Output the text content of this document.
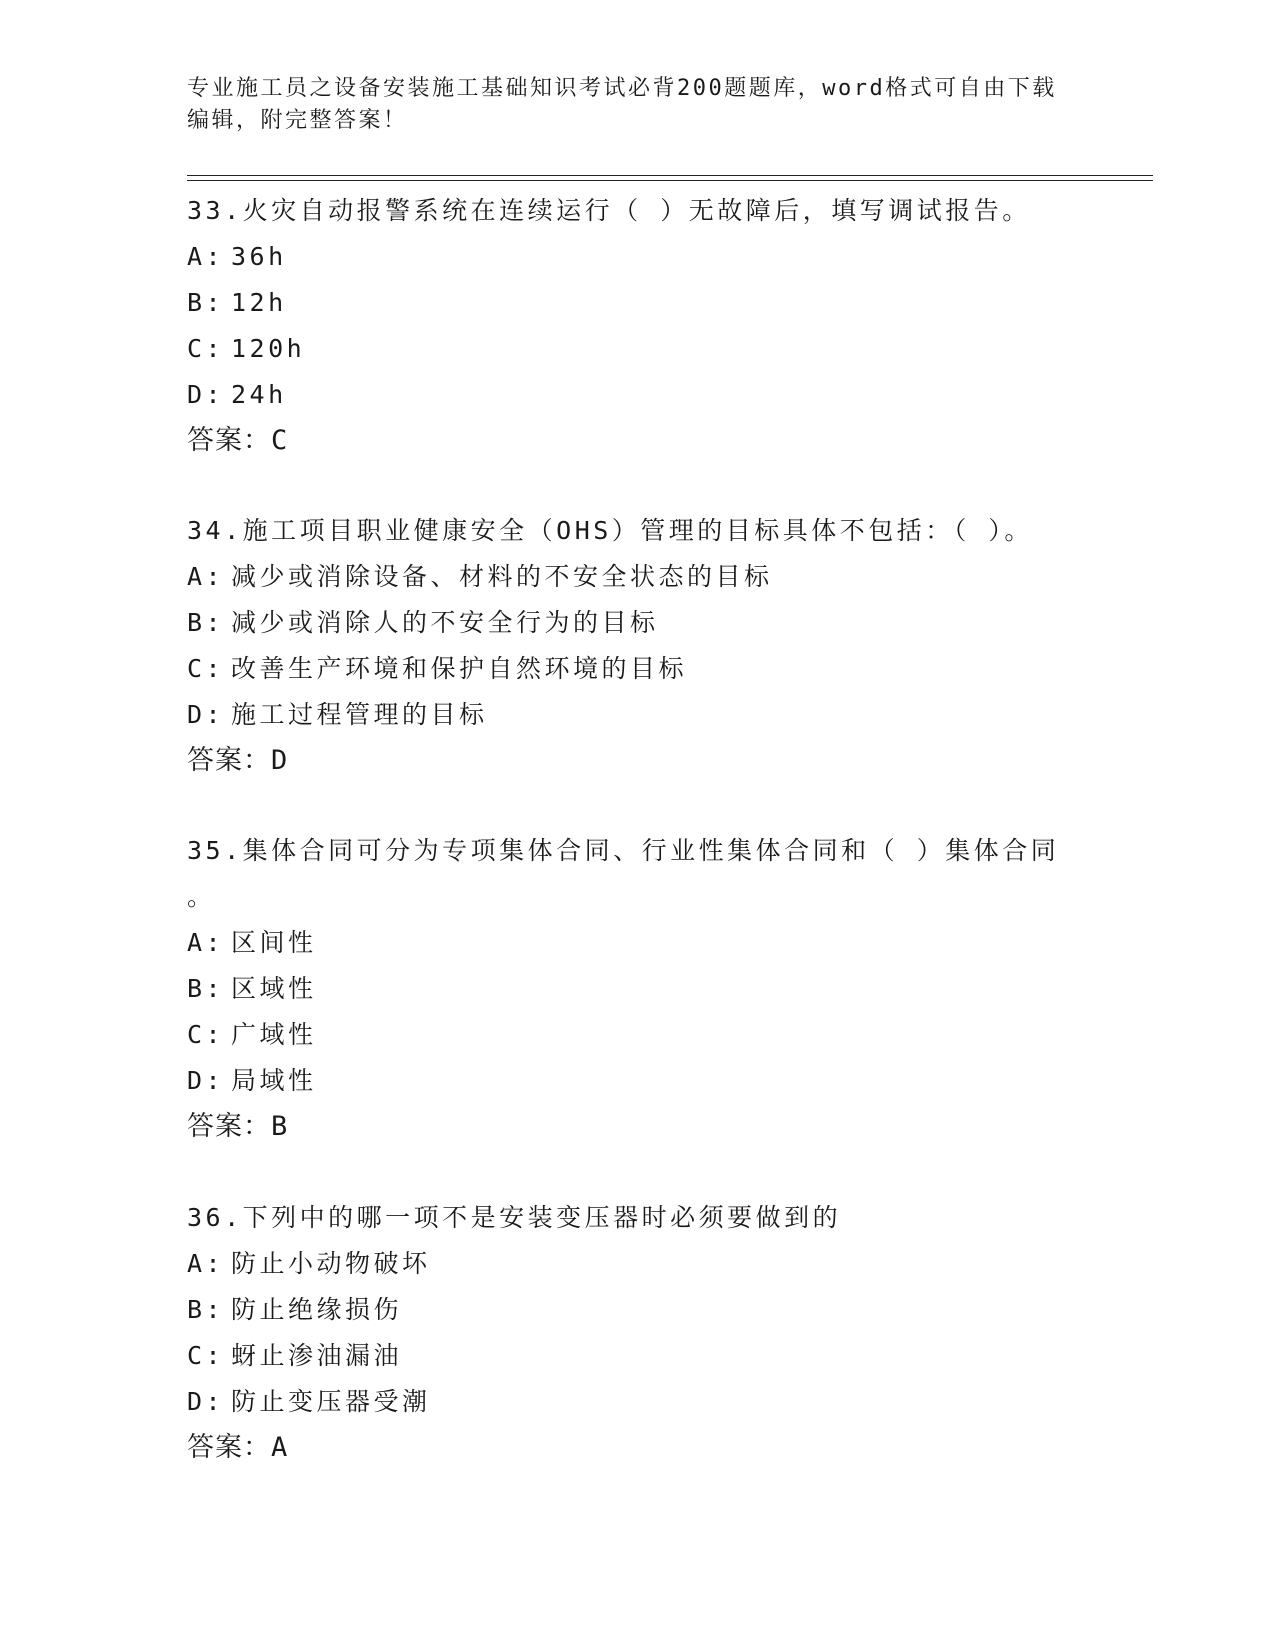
专业施工员之设备安装施工基础知识考试必背200题题库，word格式可自由下载
编辑，附完整答案！
33.火灾自动报警系统在连续运行（ ）无故障后，填写调试报告。
A: 36h
B: 12h
C: 120h
D: 24h
答案：C
34.施工项目职业健康安全（OHS）管理的目标具体不包括：（ ）。
A: 减少或消除设备、材料的不安全状态的目标
B: 减少或消除人的不安全行为的目标
C: 改善生产环境和保护自然环境的目标
D: 施工过程管理的目标
答案：D
35.集体合同可分为专项集体合同、行业性集体合同和（ ）集体合同
。
A: 区间性
B: 区域性
C: 广域性
D: 局域性
答案：B
36.下列中的哪一项不是安装变压器时必须要做到的
A: 防止小动物破坏
B: 防止绝缘损伤
C: 蚜止渗油漏油
D: 防止变压器受潮
答案：A
